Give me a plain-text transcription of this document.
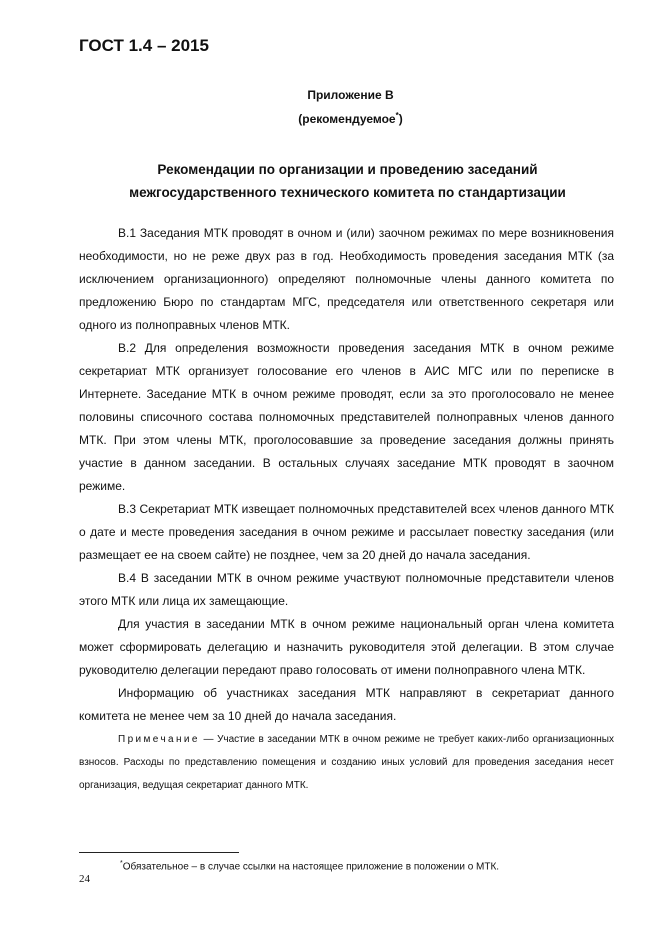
ГОСТ 1.4 – 2015
Приложение В
(рекомендуемое*)
Рекомендации по организации и проведению заседаний
межгосударственного технического комитета по стандартизации

В.1 Заседания МТК проводят в очном и (или) заочном режимах по мере возникновения необходимости, но не реже двух раз в год. Необходимость проведения заседания МТК (за исключением организационного) определяют полномочные члены данного комитета по предложению Бюро по стандартам МГС, председателя или ответственного секретаря или одного из полноправных членов МТК.

В.2 Для определения возможности проведения заседания МТК в очном режиме секретариат МТК организует голосование его членов в АИС МГС или по переписке в Интернете. Заседание МТК в очном режиме проводят, если за это проголосовало не менее половины списочного состава полномочных представителей полноправных членов данного МТК. При этом члены МТК, проголосовавшие за проведение заседания должны принять участие в данном заседании. В остальных случаях заседание МТК проводят в заочном режиме.

В.3 Секретариат МТК извещает полномочных представителей всех членов данного МТК о дате и месте проведения заседания в очном режиме и рассылает повестку заседания (или размещает ее на своем сайте) не позднее, чем за 20 дней до начала заседания.

В.4 В заседании МТК в очном режиме участвуют полномочные представители членов этого МТК или лица их замещающие.

Для участия в заседании МТК в очном режиме национальный орган члена комитета может сформировать делегацию и назначить руководителя этой делегации. В этом случае руководителю делегации передают право голосовать от имени полноправного члена МТК.

Информацию об участниках заседания МТК направляют в секретариат данного комитета не менее чем за 10 дней до начала заседания.

Примечание — Участие в заседании МТК в очном режиме не требует каких-либо организационных взносов. Расходы по представлению помещения и созданию иных условий для проведения заседания несет организация, ведущая секретариат данного МТК.

*Обязательное – в случае ссылки на настоящее приложение в положении о МТК.
24
